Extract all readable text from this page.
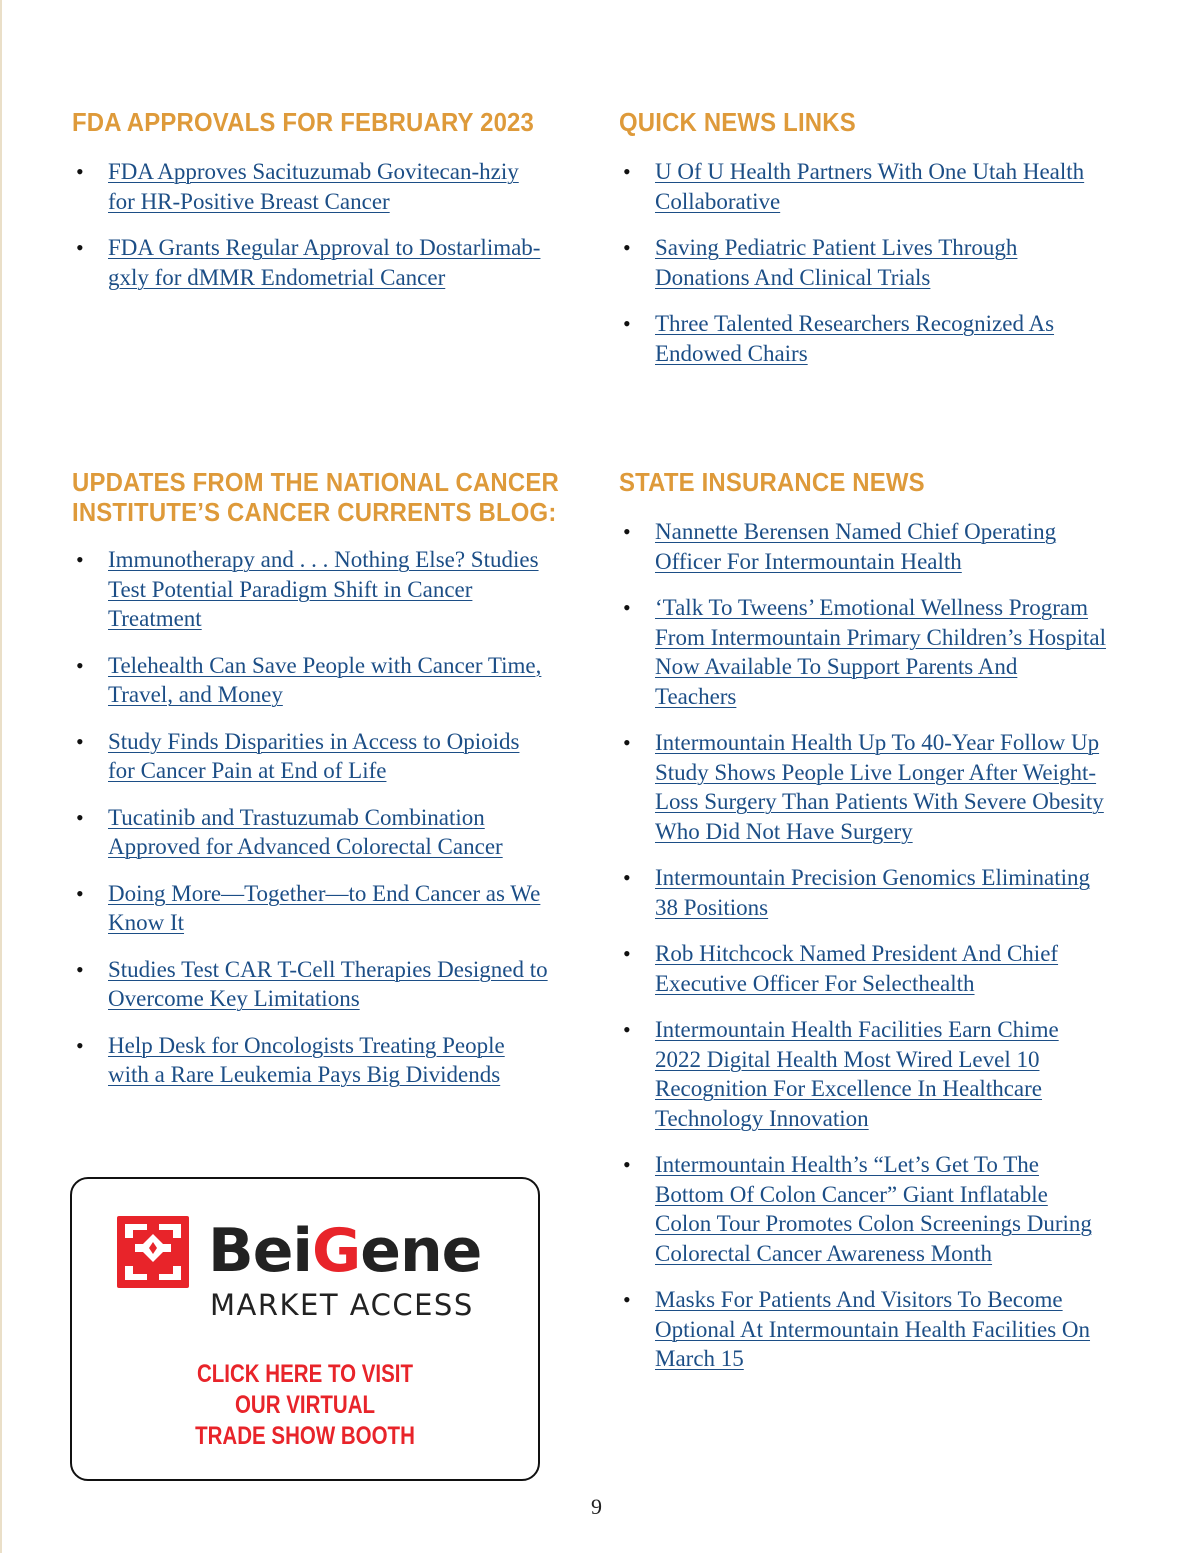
FDA APPROVALS FOR FEBRUARY 2023
• FDA Approves Sacituzumab Govitecan-hziy
for HR-Positive Breast Cancer
• FDA Grants Regular Approval to Dostarlimab-
gxly for dMMR Endometrial Cancer
QUICK NEWS LINKS
• U Of U Health Partners With One Utah Health
Collaborative
• Saving Pediatric Patient Lives Through
Donations And Clinical Trials
• Three Talented Researchers Recognized As
Endowed Chairs
UPDATES FROM THE NATIONAL CANCER
INSTITUTE’S CANCER CURRENTS BLOG:
• Immunotherapy and . . . Nothing Else? Studies
Test Potential Paradigm Shift in Cancer
Treatment
• Telehealth Can Save People with Cancer Time,
Travel, and Money
• Study Finds Disparities in Access to Opioids
for Cancer Pain at End of Life
• Tucatinib and Trastuzumab Combination
Approved for Advanced Colorectal Cancer
• Doing More—Together—to End Cancer as We
Know It
• Studies Test CAR T-Cell Therapies Designed to
Overcome Key Limitations
• Help Desk for Oncologists Treating People
with a Rare Leukemia Pays Big Dividends
STATE INSURANCE NEWS
• Nannette Berensen Named Chief Operating
Officer For Intermountain Health
• ‘Talk To Tweens’ Emotional Wellness Program
From Intermountain Primary Children’s Hospital
Now Available To Support Parents And
Teachers
• Intermountain Health Up To 40-Year Follow Up
Study Shows People Live Longer After Weight-
Loss Surgery Than Patients With Severe Obesity
Who Did Not Have Surgery
• Intermountain Precision Genomics Eliminating
38 Positions
• Rob Hitchcock Named President And Chief
Executive Officer For Selecthealth
• Intermountain Health Facilities Earn Chime
2022 Digital Health Most Wired Level 10
Recognition For Excellence In Healthcare
Technology Innovation
• Intermountain Health’s “Let’s Get To The
Bottom Of Colon Cancer” Giant Inflatable
Colon Tour Promotes Colon Screenings During
Colorectal Cancer Awareness Month
• Masks For Patients And Visitors To Become
Optional At Intermountain Health Facilities On
March 15

BeiGene

MARKET ACCESS

CLICK HERE TO VISIT
OUR VIRTUAL
TRADE SHOW BOOTH
9
